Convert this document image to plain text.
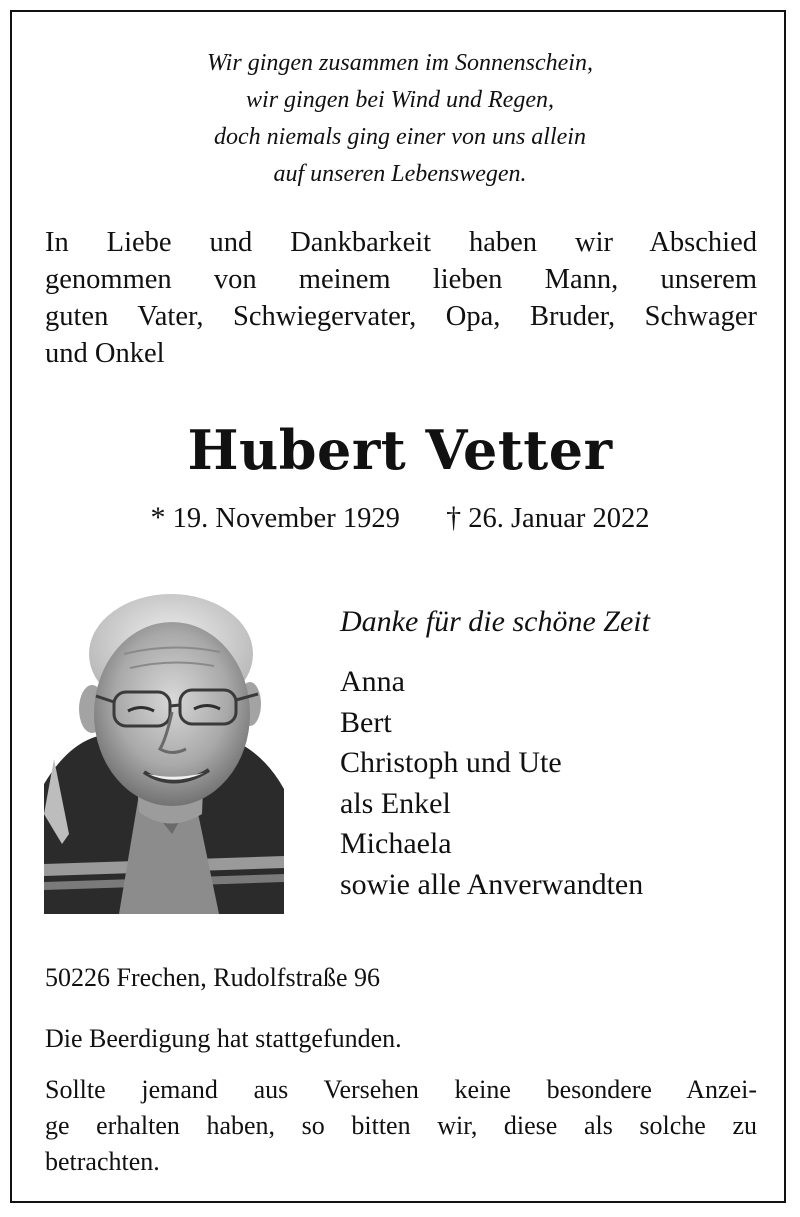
Wir gingen zusammen im Sonnenschein,
wir gingen bei Wind und Regen,
doch niemals ging einer von uns allein
auf unseren Lebenswegen.
In Liebe und Dankbarkeit haben wir Abschied
genommen von meinem lieben Mann, unserem
guten Vater, Schwiegervater, Opa, Bruder, Schwager
und Onkel
Hubert Vetter
* 19. November 1929 † 26. Januar 2022
Danke für die schöne Zeit
Anna
Bert
Christoph und Ute
als Enkel
Michaela
sowie alle Anverwandten
50226 Frechen, Rudolfstraße 96
Die Beerdigung hat stattgefunden.
Sollte jemand aus Versehen keine besondere Anzei-
ge erhalten haben, so bitten wir, diese als solche zu
betrachten.
